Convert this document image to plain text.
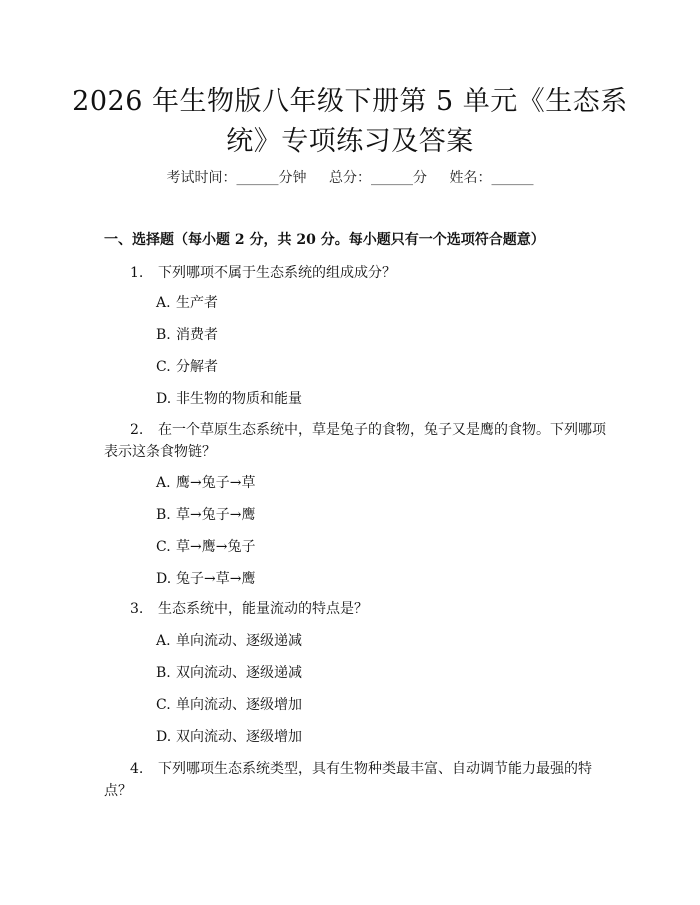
2026 年生物版八年级下册第 5 单元《生态系
统》专项练习及答案
考试时间：______分钟 总分：______分 姓名：______
一、选择题（每小题 2 分，共 20 分。每小题只有一个选项符合题意）
1. 下列哪项不属于生态系统的组成成分？
A. 生产者
B. 消费者
C. 分解者
D. 非生物的物质和能量
2. 在一个草原生态系统中，草是兔子的食物，兔子又是鹰的食物。下列哪项表示这条食物链？
A. 鹰→兔子→草
B. 草→兔子→鹰
C. 草→鹰→兔子
D. 兔子→草→鹰
3. 生态系统中，能量流动的特点是？
A. 单向流动、逐级递减
B. 双向流动、逐级递减
C. 单向流动、逐级增加
D. 双向流动、逐级增加
4. 下列哪项生态系统类型，具有生物种类最丰富、自动调节能力最强的特点？
